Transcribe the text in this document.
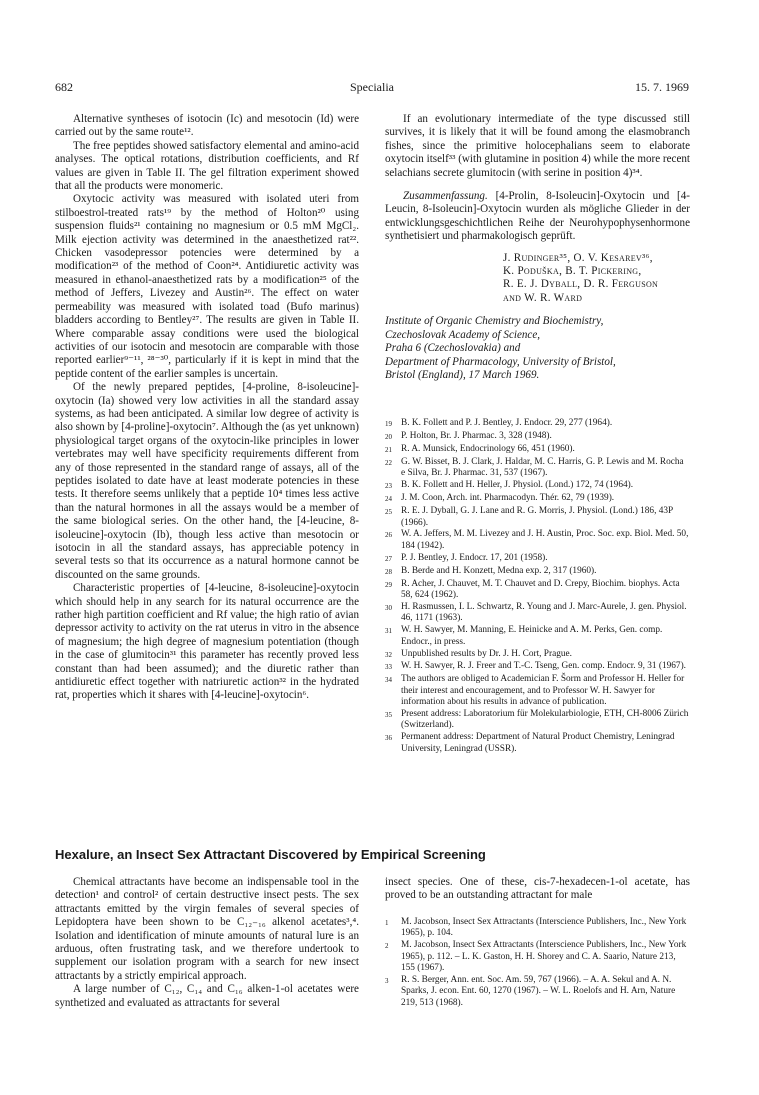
682	Specialia	15. 7. 1969

Alternative syntheses of isotocin (Ic) and mesotocin (Id) were carried out by the same route¹².

The free peptides showed satisfactory elemental and amino-acid analyses. The optical rotations, distribution coefficients, and Rf values are given in Table II. The gel filtration experiment showed that all the products were monomeric.

Oxytocic activity was measured with isolated uteri from stilboestrol-treated rats¹⁹ by the method of Holton²⁰ using suspension fluids²¹ containing no magnesium or 0.5 mM MgCl₂. Milk ejection activity was determined in the anaesthetized rat²². Chicken vasodepressor potencies were determined by a modification²³ of the method of Coon²⁴. Antidiuretic activity was measured in ethanol-anaesthetized rats by a modification²⁵ of the method of Jeffers, Livezey and Austin²⁶. The effect on water permeability was measured with isolated toad (Bufo marinus) bladders according to Bentley²⁷. The results are given in Table II. Where comparable assay conditions were used the biological activities of our isotocin and mesotocin are comparable with those reported earlier⁹⁻¹¹, ²⁸⁻³⁰, particularly if it is kept in mind that the peptide content of the earlier samples is uncertain.

Of the newly prepared peptides, [4-proline, 8-isoleucine]-oxytocin (Ia) showed very low activities in all the standard assay systems, as had been anticipated. A similar low degree of activity is also shown by [4-proline]-oxytocin⁷. Although the (as yet unknown) physiological target organs of the oxytocin-like principles in lower vertebrates may well have specificity requirements different from any of those represented in the standard range of assays, all of the peptides isolated to date have at least moderate potencies in these tests. It therefore seems unlikely that a peptide 10⁴ times less active than the natural hormones in all the assays would be a member of the same biological series. On the other hand, the [4-leucine, 8-isoleucine]-oxytocin (Ib), though less active than mesotocin or isotocin in all the standard assays, has appreciable potency in several tests so that its occurrence as a natural hormone cannot be discounted on the same grounds.

Characteristic properties of [4-leucine, 8-isoleucine]-oxytocin which should help in any search for its natural occurrence are the rather high partition coefficient and Rf value; the high ratio of avian depressor activity to activity on the rat uterus in vitro in the absence of magnesium; the high degree of magnesium potentiation (though in the case of glumitocin³¹ this parameter has recently proved less constant than had been assumed); and the diuretic rather than antidiuretic effect together with natriuretic action³² in the hydrated rat, properties which it shares with [4-leucine]-oxytocin⁶.

If an evolutionary intermediate of the type discussed still survives, it is likely that it will be found among the elasmobranch fishes, since the primitive holocephalians seem to elaborate oxytocin itself³³ (with glutamine in position 4) while the more recent selachians secrete glumitocin (with serine in position 4)³⁴.

Zusammenfassung. [4-Prolin, 8-Isoleucin]-Oxytocin und [4-Leucin, 8-Isoleucin]-Oxytocin wurden als mögliche Glieder in der entwicklungsgeschichtlichen Reihe der Neurohypophysenhormone synthetisiert und pharmakologisch geprüft.

J. Rudinger³⁵, O. V. Kesarev³⁶,
K. Poduška, B. T. Pickering,
R. E. J. Dyball, D. R. Ferguson
and W. R. Ward
Institute of Organic Chemistry and Biochemistry,
Czechoslovak Academy of Science,
Praha 6 (Czechoslovakia) and
Department of Pharmacology, University of Bristol,
Bristol (England), 17 March 1969.
19 B. K. Follett and P. J. Bentley, J. Endocr. 29, 277 (1964).
20 P. Holton, Br. J. Pharmac. 3, 328 (1948).
21 R. A. Munsick, Endocrinology 66, 451 (1960).
22 G. W. Bisset, B. J. Clark, J. Haldar, M. C. Harris, G. P. Lewis and M. Rocha e Silva, Br. J. Pharmac. 31, 537 (1967).
23 B. K. Follett and H. Heller, J. Physiol. (Lond.) 172, 74 (1964).
24 J. M. Coon, Arch. int. Pharmacodyn. Thér. 62, 79 (1939).
25 R. E. J. Dyball, G. J. Lane and R. G. Morris, J. Physiol. (Lond.) 186, 43P (1966).
26 W. A. Jeffers, M. M. Livezey and J. H. Austin, Proc. Soc. exp. Biol. Med. 50, 184 (1942).
27 P. J. Bentley, J. Endocr. 17, 201 (1958).
28 B. Berde and H. Konzett, Medna exp. 2, 317 (1960).
29 R. Acher, J. Chauvet, M. T. Chauvet and D. Crepy, Biochim. biophys. Acta 58, 624 (1962).
30 H. Rasmussen, I. L. Schwartz, R. Young and J. Marc-Aurele, J. gen. Physiol. 46, 1171 (1963).
31 W. H. Sawyer, M. Manning, E. Heinicke and A. M. Perks, Gen. comp. Endocr., in press.
32 Unpublished results by Dr. J. H. Cort, Prague.
33 W. H. Sawyer, R. J. Freer and T.-C. Tseng, Gen. comp. Endocr. 9, 31 (1967).
34 The authors are obliged to Academician F. Šorm and Professor H. Heller for their interest and encouragement, and to Professor W. H. Sawyer for information about his results in advance of publication.
35 Present address: Laboratorium für Molekularbiologie, ETH, CH-8006 Zürich (Switzerland).
36 Permanent address: Department of Natural Product Chemistry, Leningrad University, Leningrad (USSR).
Hexalure, an Insect Sex Attractant Discovered by Empirical Screening

Chemical attractants have become an indispensable tool in the detection¹ and control² of certain destructive insect pests. The sex attractants emitted by the virgin females of several species of Lepidoptera have been shown to be C₁₂₋₁₆ alkenol acetates³,⁴. Isolation and identification of minute amounts of natural lure is an arduous, often frustrating task, and we therefore undertook to supplement our isolation program with a search for new insect attractants by a strictly empirical approach.

A large number of C₁₂, C₁₄ and C₁₆ alken-1-ol acetates were synthetized and evaluated as attractants for several

insect species. One of these, cis-7-hexadecen-1-ol acetate, has proved to be an outstanding attractant for male

1	M. Jacobson, Insect Sex Attractants (Interscience Publishers, Inc., New York 1965), p. 104.
2	M. Jacobson, Insect Sex Attractants (Interscience Publishers, Inc., New York 1965), p. 112. – L. K. Gaston, H. H. Shorey and C. A. Saario, Nature 213, 155 (1967).
3	R. S. Berger, Ann. ent. Soc. Am. 59, 767 (1966). – A. A. Sekul and A. N. Sparks, J. econ. Ent. 60, 1270 (1967). – W. L. Roelofs and H. Arn, Nature 219, 513 (1968).
